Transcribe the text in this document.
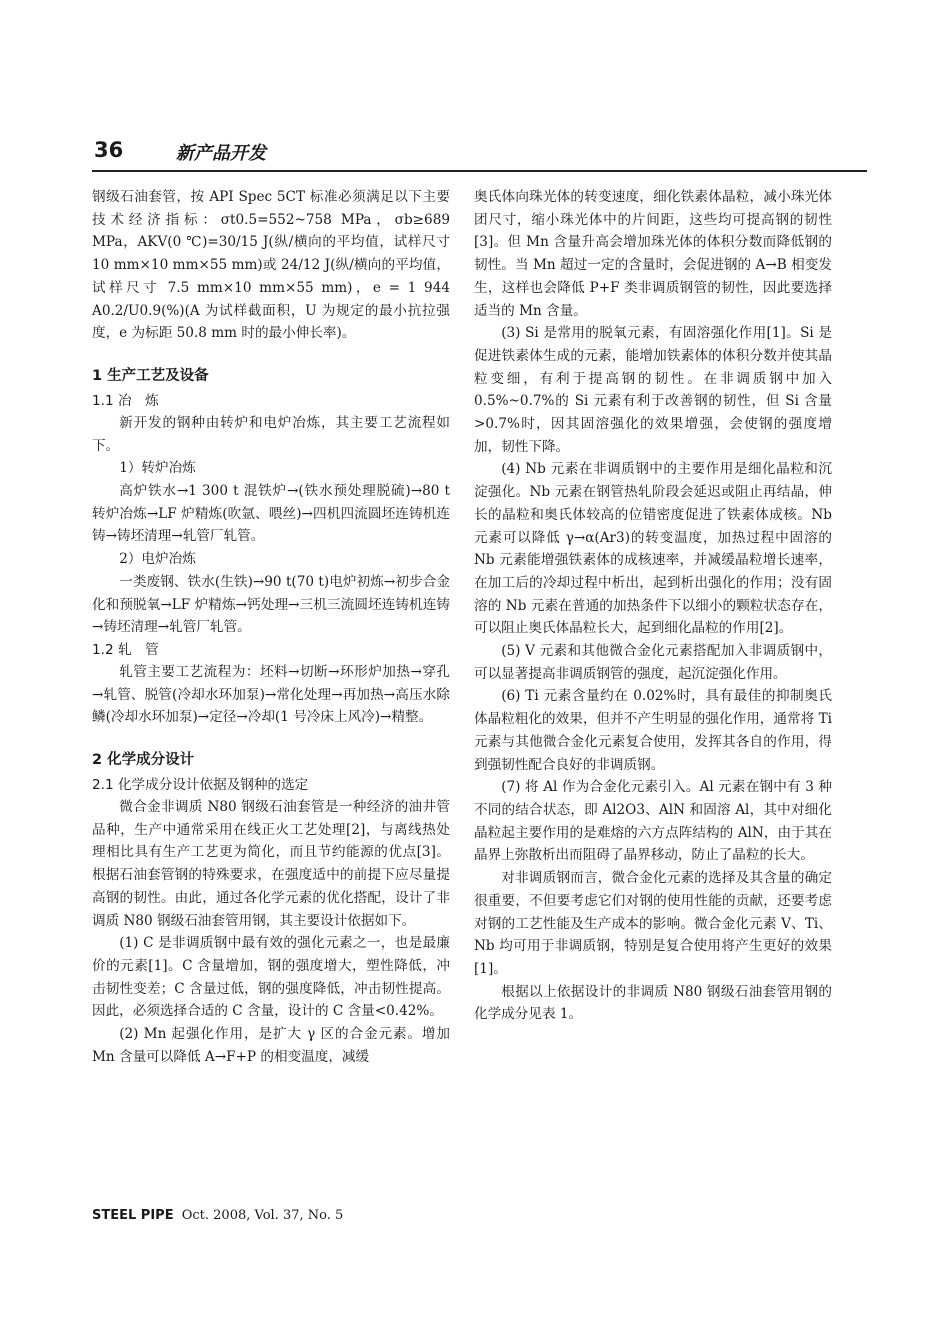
36	新产品开发

钢级石油套管，按 API Spec 5CT 标准必须满足以下主要技术经济指标：σt0.5=552~758 MPa，σb≥689 MPa，AKV(0 ℃)=30/15 J(纵/横向的平均值，试样尺寸 10 mm×10 mm×55 mm)或 24/12 J(纵/横向的平均值，试样尺寸 7.5 mm×10 mm×55 mm)，e = 1 944 A0.2/U0.9(%)(A 为试样截面积，U 为规定的最小抗拉强度，e 为标距 50.8 mm 时的最小伸长率)。

1 生产工艺及设备
1.1 冶　炼

新开发的钢种由转炉和电炉冶炼，其主要工艺流程如下。

1）转炉冶炼

高炉铁水→1 300 t 混铁炉→(铁水预处理脱硫)→80 t 转炉冶炼→LF 炉精炼(吹氩、喂丝)→四机四流圆坯连铸机连铸→铸坯清理→轧管厂轧管。

2）电炉冶炼

一类废钢、铁水(生铁)→90 t(70 t)电炉初炼→初步合金化和预脱氧→LF 炉精炼→钙处理→三机三流圆坯连铸机连铸→铸坯清理→轧管厂轧管。

1.2 轧　管

轧管主要工艺流程为：坯料→切断→环形炉加热→穿孔→轧管、脱管(冷却水环加泵)→常化处理→再加热→高压水除鳞(冷却水环加泵)→定径→冷却(1 号冷床上风冷)→精整。

2 化学成分设计
2.1 化学成分设计依据及钢种的选定

微合金非调质 N80 钢级石油套管是一种经济的油井管品种，生产中通常采用在线正火工艺处理[2]，与离线热处理相比具有生产工艺更为简化，而且节约能源的优点[3]。根据石油套管钢的特殊要求，在强度适中的前提下应尽量提高钢的韧性。由此，通过各化学元素的优化搭配，设计了非调质 N80 钢级石油套管用钢，其主要设计依据如下。

(1) C 是非调质钢中最有效的强化元素之一，也是最廉价的元素[1]。C 含量增加，钢的强度增大，塑性降低，冲击韧性变差；C 含量过低，钢的强度降低，冲击韧性提高。因此，必须选择合适的 C 含量，设计的 C 含量<0.42%。

(2) Mn 起强化作用，是扩大 γ 区的合金元素。增加 Mn 含量可以降低 A→F+P 的相变温度，减缓

奥氏体向珠光体的转变速度，细化铁素体晶粒，减小珠光体团尺寸，缩小珠光体中的片间距，这些均可提高钢的韧性[3]。但 Mn 含量升高会增加珠光体的体积分数而降低钢的韧性。当 Mn 超过一定的含量时，会促进钢的 A→B 相变发生，这样也会降低 P+F 类非调质钢管的韧性，因此要选择适当的 Mn 含量。

(3) Si 是常用的脱氧元素，有固溶强化作用[1]。Si 是促进铁素体生成的元素，能增加铁素体的体积分数并使其晶粒变细，有利于提高钢的韧性。在非调质钢中加入 0.5%~0.7%的 Si 元素有利于改善钢的韧性，但 Si 含量>0.7%时，因其固溶强化的效果增强，会使钢的强度增加，韧性下降。

(4) Nb 元素在非调质钢中的主要作用是细化晶粒和沉淀强化。Nb 元素在钢管热轧阶段会延迟或阻止再结晶，伸长的晶粒和奥氏体较高的位错密度促进了铁素体成核。Nb 元素可以降低 γ→α(Ar3)的转变温度，加热过程中固溶的 Nb 元素能增强铁素体的成核速率，并减缓晶粒增长速率，在加工后的冷却过程中析出，起到析出强化的作用；没有固溶的 Nb 元素在普通的加热条件下以细小的颗粒状态存在，可以阻止奥氏体晶粒长大，起到细化晶粒的作用[2]。

(5) V 元素和其他微合金化元素搭配加入非调质钢中，可以显著提高非调质钢管的强度，起沉淀强化作用。

(6) Ti 元素含量约在 0.02%时，具有最佳的抑制奥氏体晶粒粗化的效果，但并不产生明显的强化作用，通常将 Ti 元素与其他微合金化元素复合使用，发挥其各自的作用，得到强韧性配合良好的非调质钢。

(7) 将 Al 作为合金化元素引入。Al 元素在钢中有 3 种不同的结合状态，即 Al2O3、AlN 和固溶 Al，其中对细化晶粒起主要作用的是难熔的六方点阵结构的 AlN，由于其在晶界上弥散析出而阻碍了晶界移动，防止了晶粒的长大。

对非调质钢而言，微合金化元素的选择及其含量的确定很重要，不但要考虑它们对钢的使用性能的贡献，还要考虑对钢的工艺性能及生产成本的影响。微合金化元素 V、Ti、Nb 均可用于非调质钢，特别是复合使用将产生更好的效果[1]。

根据以上依据设计的非调质 N80 钢级石油套管用钢的化学成分见表 1。

STEEL PIPE Oct. 2008, Vol. 37, No. 5
